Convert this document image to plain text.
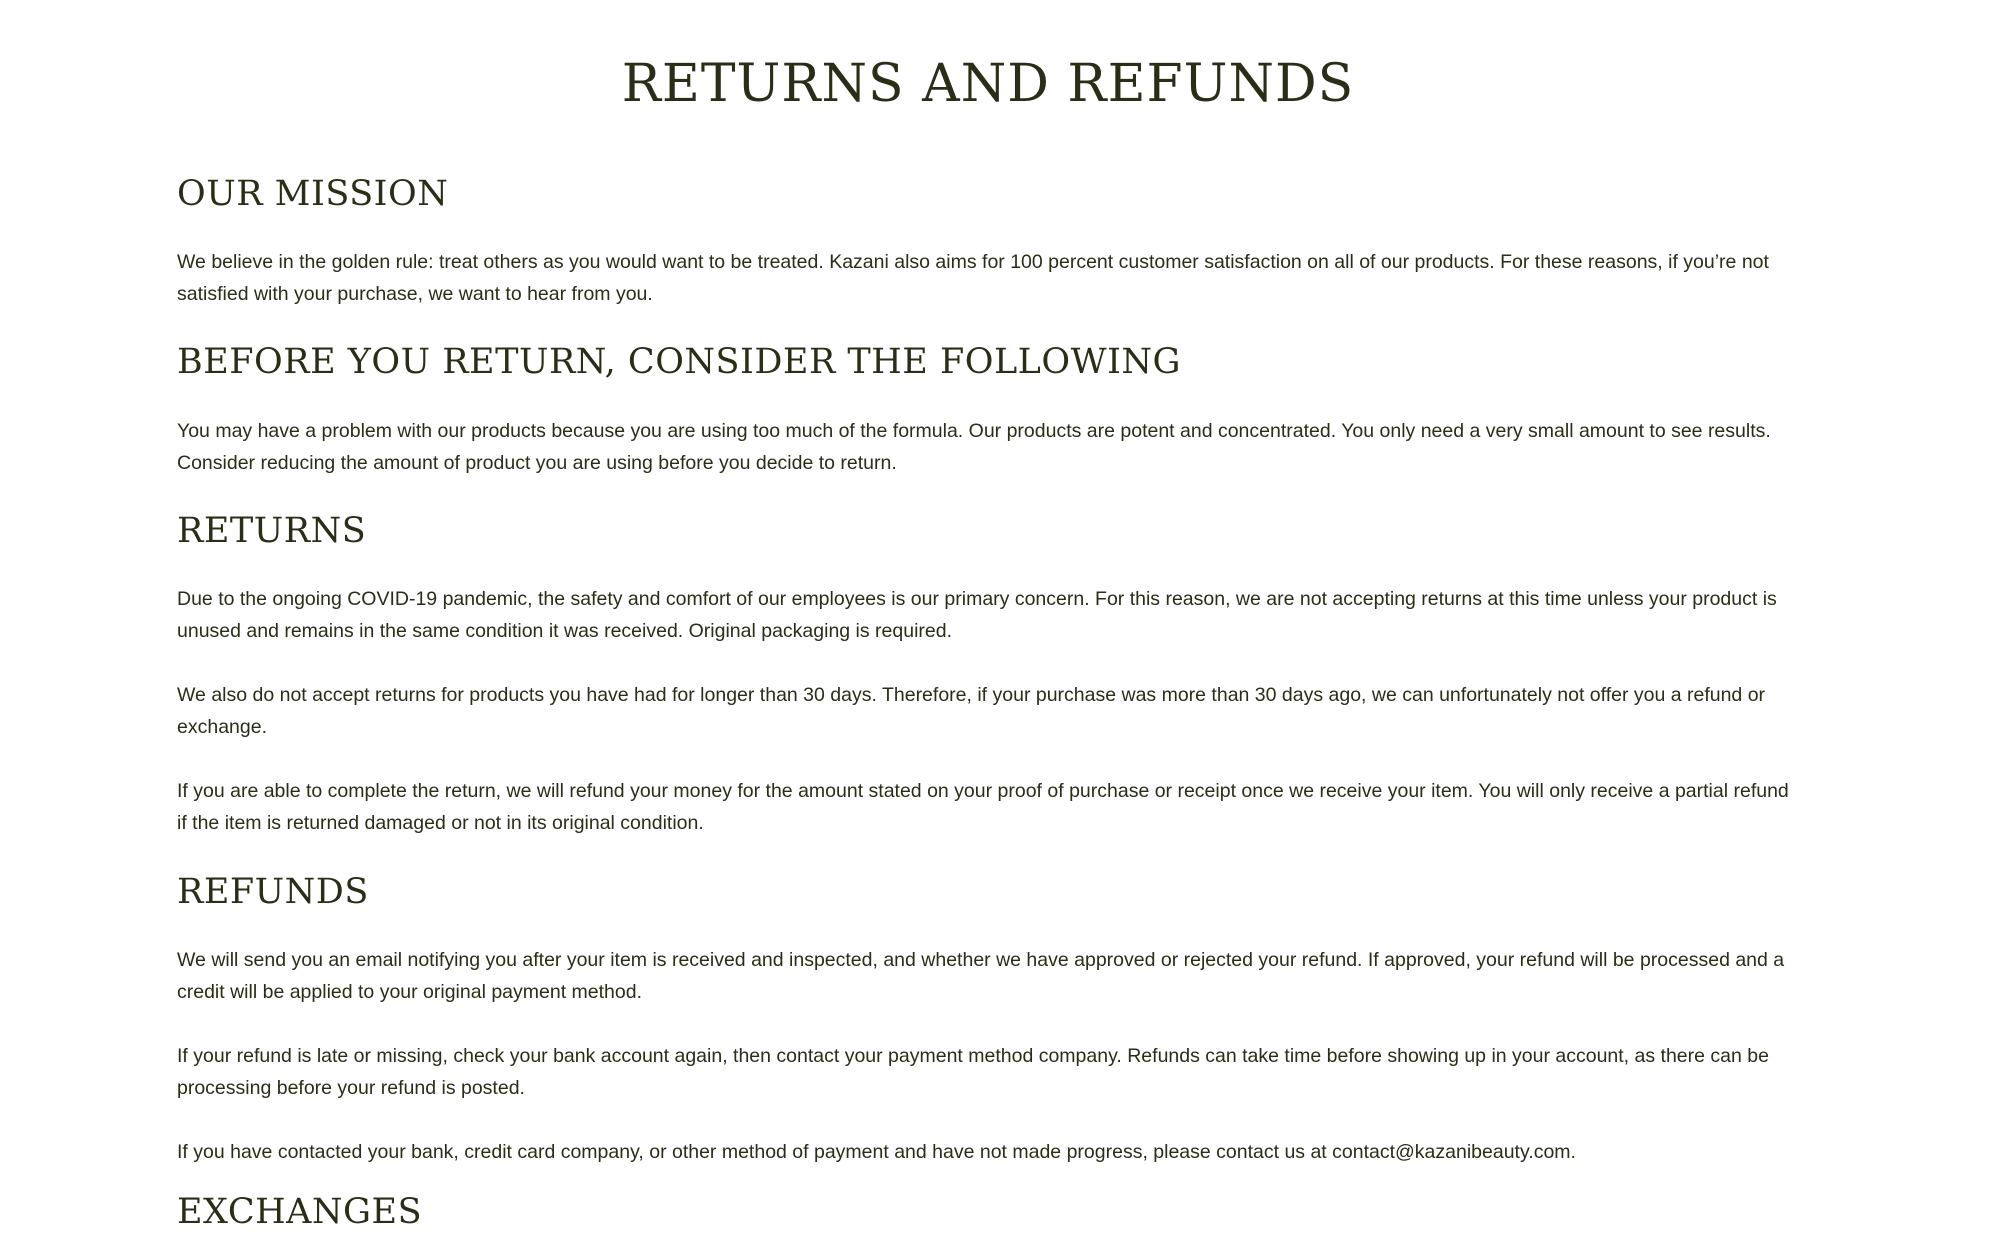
RETURNS AND REFUNDS
OUR MISSION

We believe in the golden rule: treat others as you would want to be treated. Kazani also aims for 100 percent customer satisfaction on all of our products. For these reasons, if you’re not satisfied with your purchase, we want to hear from you.

BEFORE YOU RETURN, CONSIDER THE FOLLOWING

You may have a problem with our products because you are using too much of the formula. Our products are potent and concentrated. You only need a very small amount to see results. Consider reducing the amount of product you are using before you decide to return.

RETURNS

Due to the ongoing COVID-19 pandemic, the safety and comfort of our employees is our primary concern. For this reason, we are not accepting returns at this time unless your product is unused and remains in the same condition it was received. Original packaging is required.

We also do not accept returns for products you have had for longer than 30 days. Therefore, if your purchase was more than 30 days ago, we can unfortunately not offer you a refund or exchange.

If you are able to complete the return, we will refund your money for the amount stated on your proof of purchase or receipt once we receive your item. You will only receive a partial refund if the item is returned damaged or not in its original condition.

REFUNDS

We will send you an email notifying you after your item is received and inspected, and whether we have approved or rejected your refund. If approved, your refund will be processed and a credit will be applied to your original payment method.

If your refund is late or missing, check your bank account again, then contact your payment method company. Refunds can take time before showing up in your account, as there can be processing before your refund is posted.

If you have contacted your bank, credit card company, or other method of payment and have not made progress, please contact us at contact@kazanibeauty.com.

EXCHANGES
